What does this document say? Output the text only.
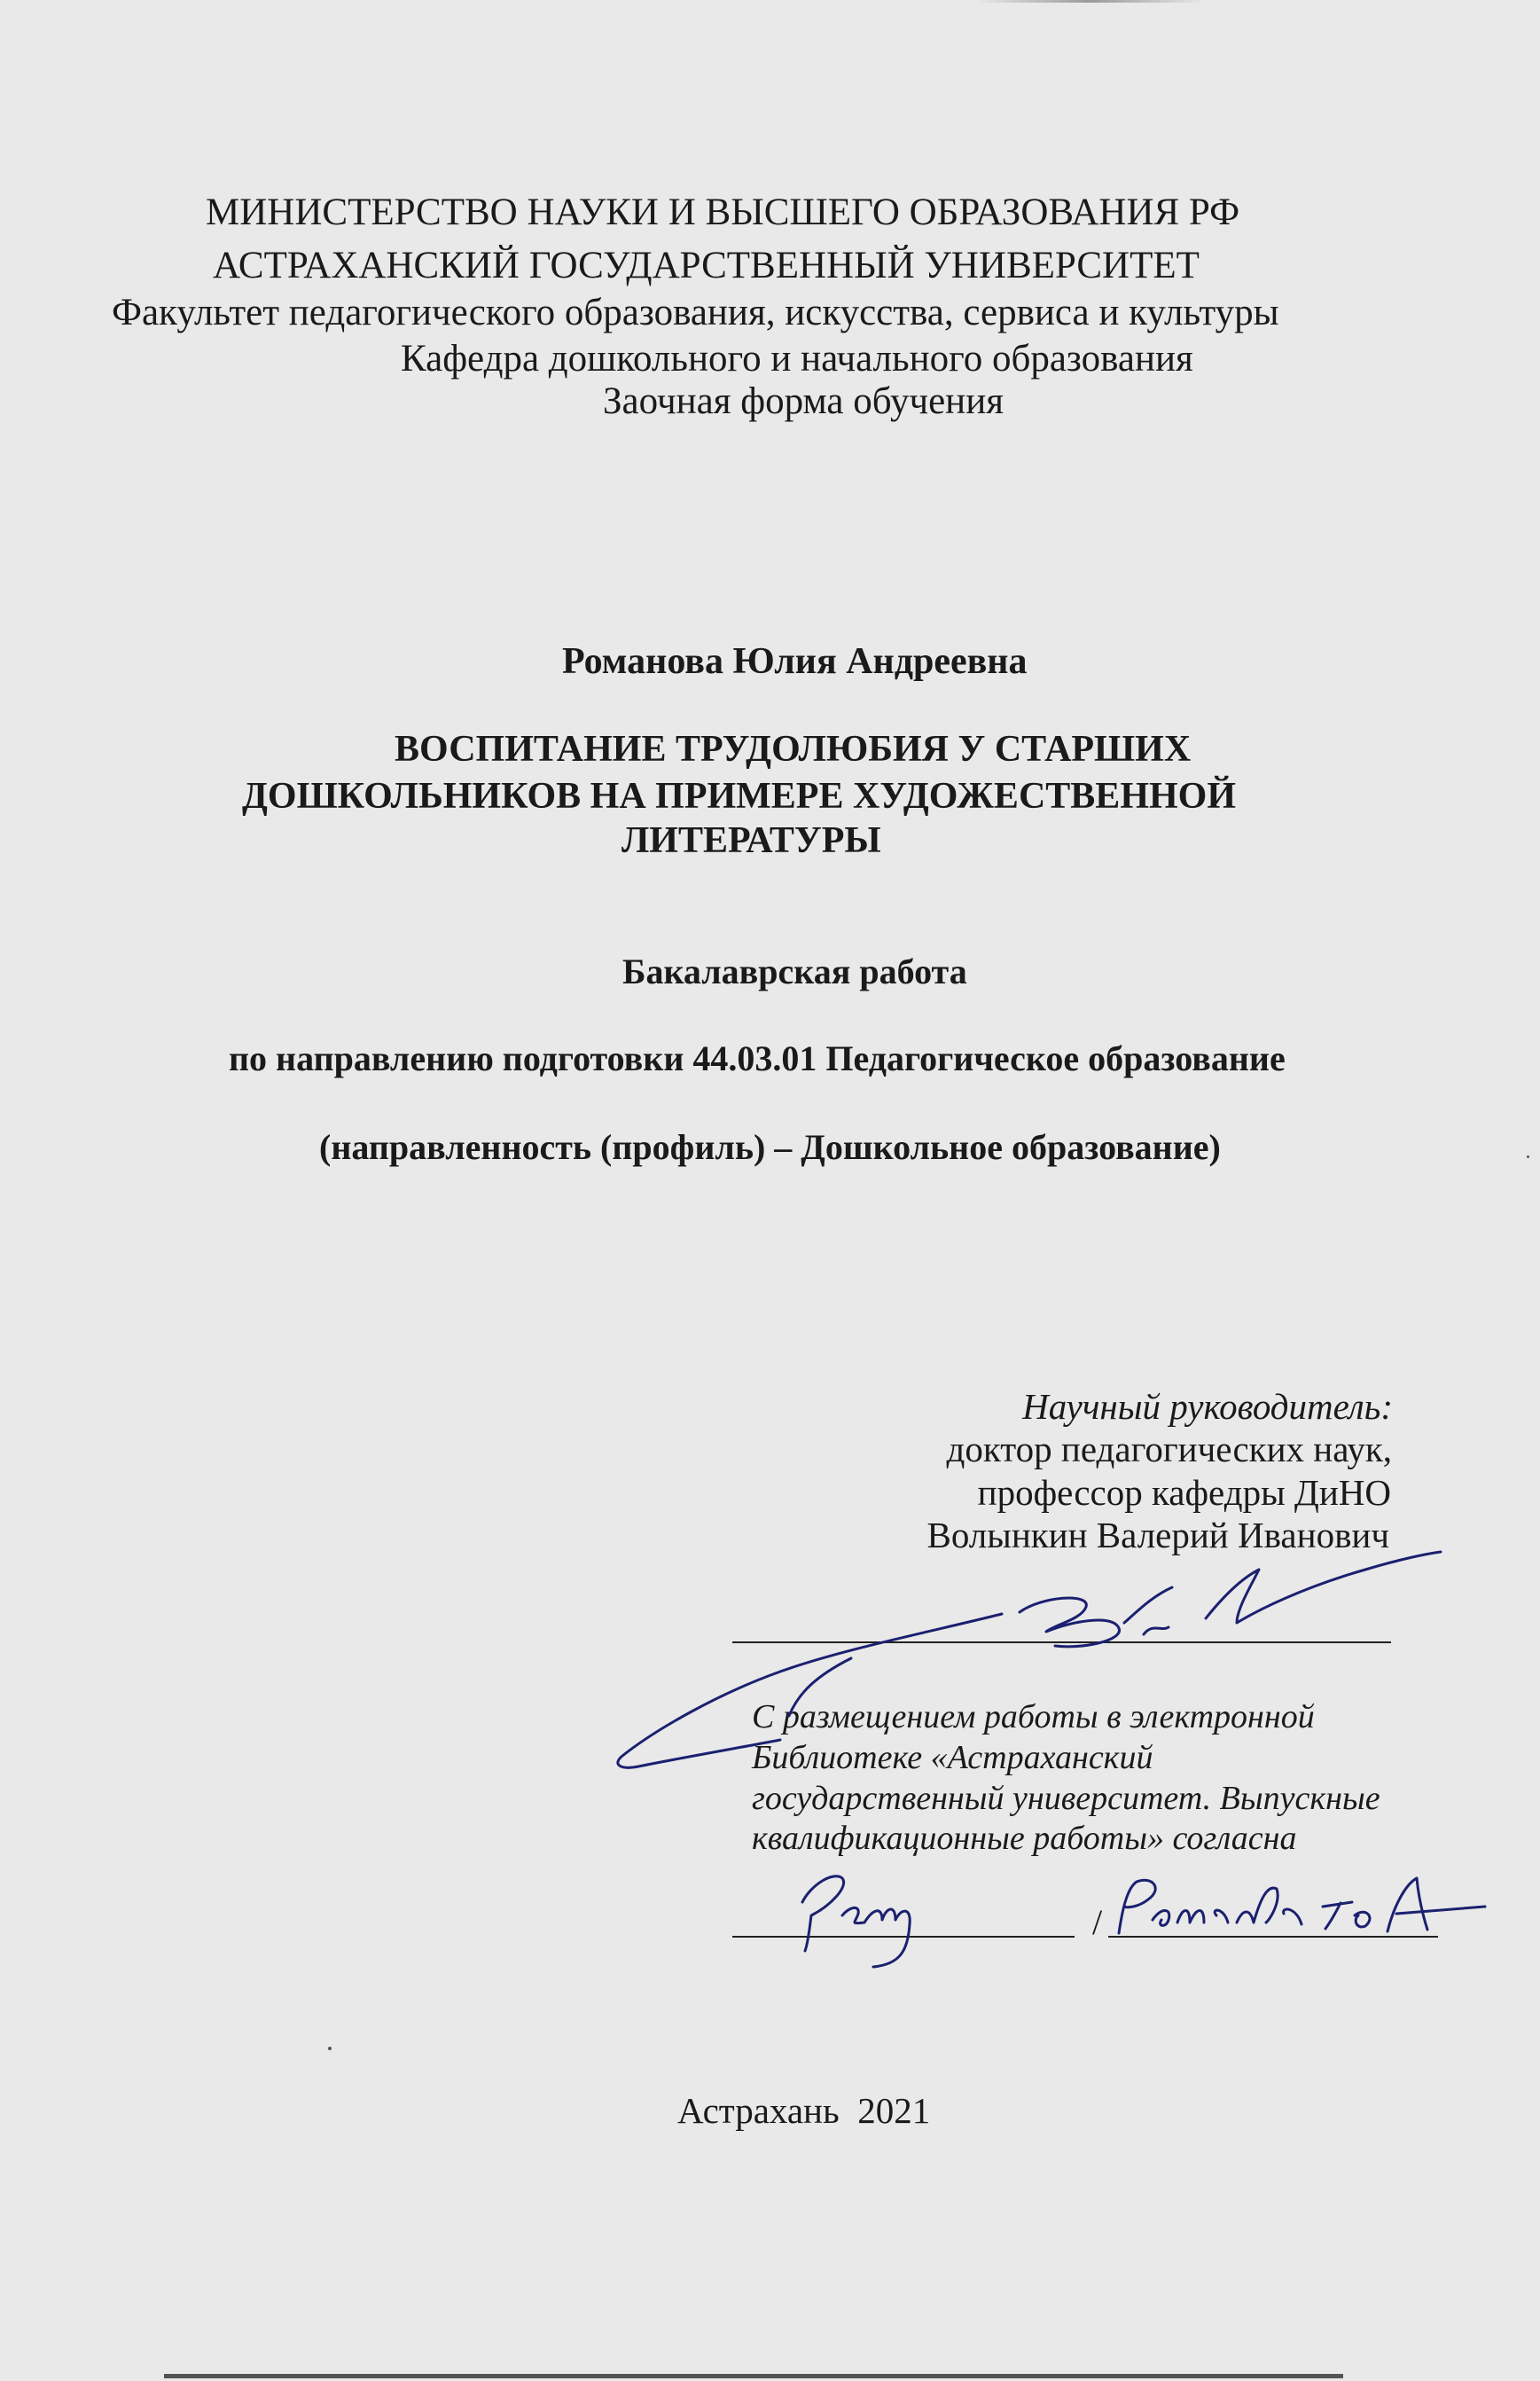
МИНИСТЕРСТВО НАУКИ И ВЫСШЕГО ОБРАЗОВАНИЯ РФ
АСТРАХАНСКИЙ ГОСУДАРСТВЕННЫЙ УНИВЕРСИТЕТ
Факультет педагогического образования, искусства, сервиса и культуры
Кафедра дошкольного и начального образования
Заочная форма обучения
Романова Юлия Андреевна
ВОСПИТАНИЕ ТРУДОЛЮБИЯ У СТАРШИХ
ДОШКОЛЬНИКОВ НА ПРИМЕРЕ ХУДОЖЕСТВЕННОЙ
ЛИТЕРАТУРЫ
Бакалаврская работа
по направлению подготовки 44.03.01 Педагогическое образование
(направленность (профиль) – Дошкольное образование)
Научный руководитель:
доктор педагогических наук,
профессор кафедры ДиНО
Волынкин Валерий Иванович
С размещением работы в электронной
Библиотеке «Астраханский
государственный университет. Выпускные
квалификационные работы» согласна
/
Астрахань  2021
